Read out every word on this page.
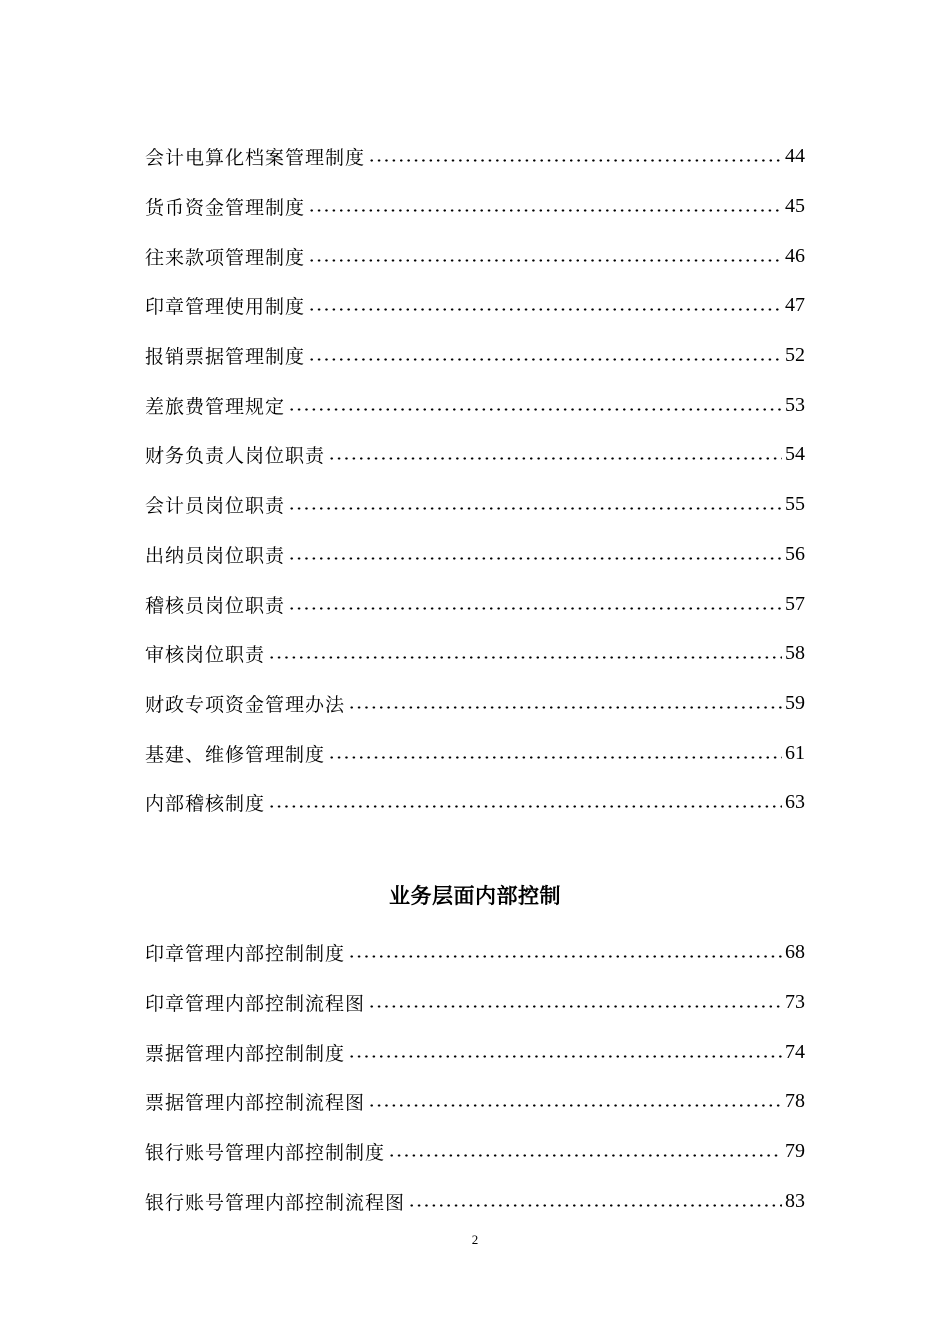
会计电算化档案管理制度	44
货币资金管理制度	45
往来款项管理制度	46
印章管理使用制度	47
报销票据管理制度	52
差旅费管理规定	53
财务负责人岗位职责	54
会计员岗位职责	55
出纳员岗位职责	56
稽核员岗位职责	57
审核岗位职责	58
财政专项资金管理办法	59
基建、维修管理制度	61
内部稽核制度	63
业务层面内部控制
印章管理内部控制制度	68
印章管理内部控制流程图	73
票据管理内部控制制度	74
票据管理内部控制流程图	78
银行账号管理内部控制制度	79
银行账号管理内部控制流程图	83
2
